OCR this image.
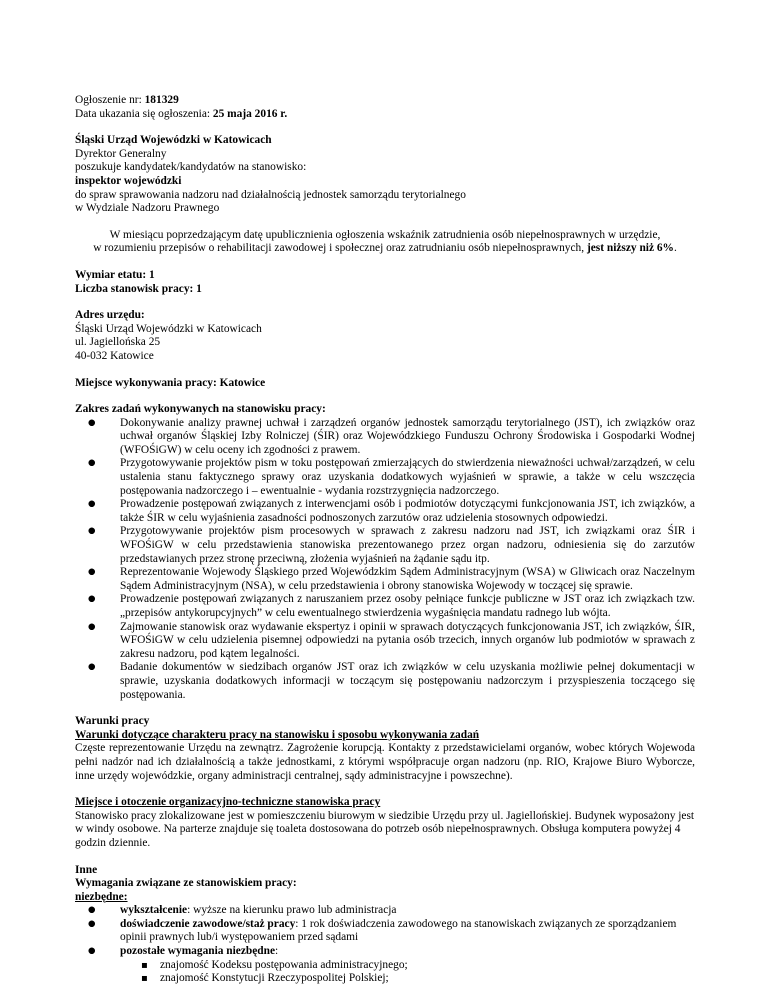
Ogłoszenie nr: 181329

Data ukazania się ogłoszenia: 25 maja 2016 r.

Śląski Urząd Wojewódzki w Katowicach

Dyrektor Generalny

poszukuje kandydatek/kandydatów na stanowisko:

inspektor wojewódzki

do spraw sprawowania nadzoru nad działalnością jednostek samorządu terytorialnego

w Wydziale Nadzoru Prawnego

W miesiącu poprzedzającym datę upublicznienia ogłoszenia wskaźnik zatrudnienia osób niepełnosprawnych w urzędzie,

w rozumieniu przepisów o rehabilitacji zawodowej i społecznej oraz zatrudnianiu osób niepełnosprawnych, jest niższy niż 6%.

Wymiar etatu: 1

Liczba stanowisk pracy: 1

Adres urzędu:

Śląski Urząd Wojewódzki w Katowicach

ul. Jagiellońska 25

40-032 Katowice

Miejsce wykonywania pracy: Katowice

Zakres zadań wykonywanych na stanowisku pracy:

● Dokonywanie analizy prawnej uchwał i zarządzeń organów jednostek samorządu terytorialnego (JST), ich związków oraz uchwał organów Śląskiej Izby Rolniczej (ŚIR) oraz Wojewódzkiego Funduszu Ochrony Środowiska i Gospodarki Wodnej (WFOŚiGW) w celu oceny ich zgodności z prawem.
● Przygotowywanie projektów pism w toku postępowań zmierzających do stwierdzenia nieważności uchwał/zarządzeń, w celu ustalenia stanu faktycznego sprawy oraz uzyskania dodatkowych wyjaśnień w sprawie, a także w celu wszczęcia postępowania nadzorczego i – ewentualnie - wydania rozstrzygnięcia nadzorczego.
● Prowadzenie postępowań związanych z interwencjami osób i podmiotów dotyczącymi funkcjonowania JST, ich związków, a także ŚIR w celu wyjaśnienia zasadności podnoszonych zarzutów oraz udzielenia stosownych odpowiedzi.
● Przygotowywanie projektów pism procesowych w sprawach z zakresu nadzoru nad JST, ich związkami oraz ŚIR i WFOŚiGW w celu przedstawienia stanowiska prezentowanego przez organ nadzoru, odniesienia się do zarzutów przedstawianych przez stronę przeciwną, złożenia wyjaśnień na żądanie sądu itp.
● Reprezentowanie Wojewody Śląskiego przed Wojewódzkim Sądem Administracyjnym (WSA) w Gliwicach oraz Naczelnym Sądem Administracyjnym (NSA), w celu przedstawienia i obrony stanowiska Wojewody w toczącej się sprawie.
● Prowadzenie postępowań związanych z naruszaniem przez osoby pełniące funkcje publiczne w JST oraz ich związkach tzw. „przepisów antykorupcyjnych” w celu ewentualnego stwierdzenia wygaśnięcia mandatu radnego lub wójta.
● Zajmowanie stanowisk oraz wydawanie ekspertyz i opinii w sprawach dotyczących funkcjonowania JST, ich związków, ŚIR, WFOŚiGW w celu udzielenia pisemnej odpowiedzi na pytania osób trzecich, innych organów lub podmiotów w sprawach z zakresu nadzoru, pod kątem legalności.
● Badanie dokumentów w siedzibach organów JST oraz ich związków w celu uzyskania możliwie pełnej dokumentacji w sprawie, uzyskania dodatkowych informacji w toczącym się postępowaniu nadzorczym i przyspieszenia toczącego się postępowania.

Warunki pracy

Warunki dotyczące charakteru pracy na stanowisku i sposobu wykonywania zadań

Częste reprezentowanie Urzędu na zewnątrz. Zagrożenie korupcją. Kontakty z przedstawicielami organów, wobec których Wojewoda pełni nadzór nad ich działalnością a także jednostkami, z którymi współpracuje organ nadzoru (np. RIO, Krajowe Biuro Wyborcze, inne urzędy wojewódzkie, organy administracji centralnej, sądy administracyjne i powszechne).

Miejsce i otoczenie organizacyjno-techniczne stanowiska pracy

Stanowisko pracy zlokalizowane jest w pomieszczeniu biurowym w siedzibie Urzędu przy ul. Jagiellońskiej. Budynek wyposażony jest w windy osobowe. Na parterze znajduje się toaleta dostosowana do potrzeb osób niepełnosprawnych. Obsługa komputera powyżej 4 godzin dziennie.

Inne

Wymagania związane ze stanowiskiem pracy:

niezbędne:

● wykształcenie: wyższe na kierunku prawo lub administracja
● doświadczenie zawodowe/staż pracy: 1 rok doświadczenia zawodowego na stanowiskach związanych ze sporządzaniem opinii prawnych lub/i występowaniem przed sądami
● pozostałe wymagania niezbędne:
▪ znajomość Kodeksu postępowania administracyjnego;
▪ znajomość Konstytucji Rzeczypospolitej Polskiej;
